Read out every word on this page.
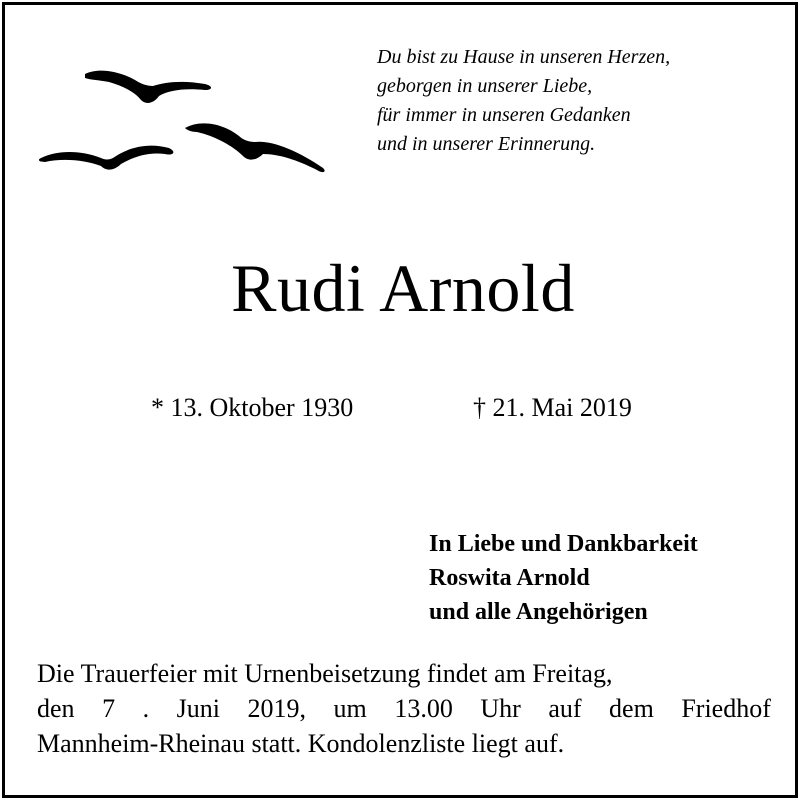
Du bist zu Hause in unseren Herzen,
geborgen in unserer Liebe,
für immer in unseren Gedanken
und in unserer Erinnerung.
Rudi Arnold
* 13. Oktober 1930	† 21. Mai 2019
In Liebe und Dankbarkeit
Roswita Arnold
und alle Angehörigen
Die Trauerfeier mit Urnenbeisetzung findet am Freitag,
den 7 . Juni 2019, um 13.00 Uhr auf dem Friedhof
Mannheim-Rheinau statt. Kondolenzliste liegt auf.
